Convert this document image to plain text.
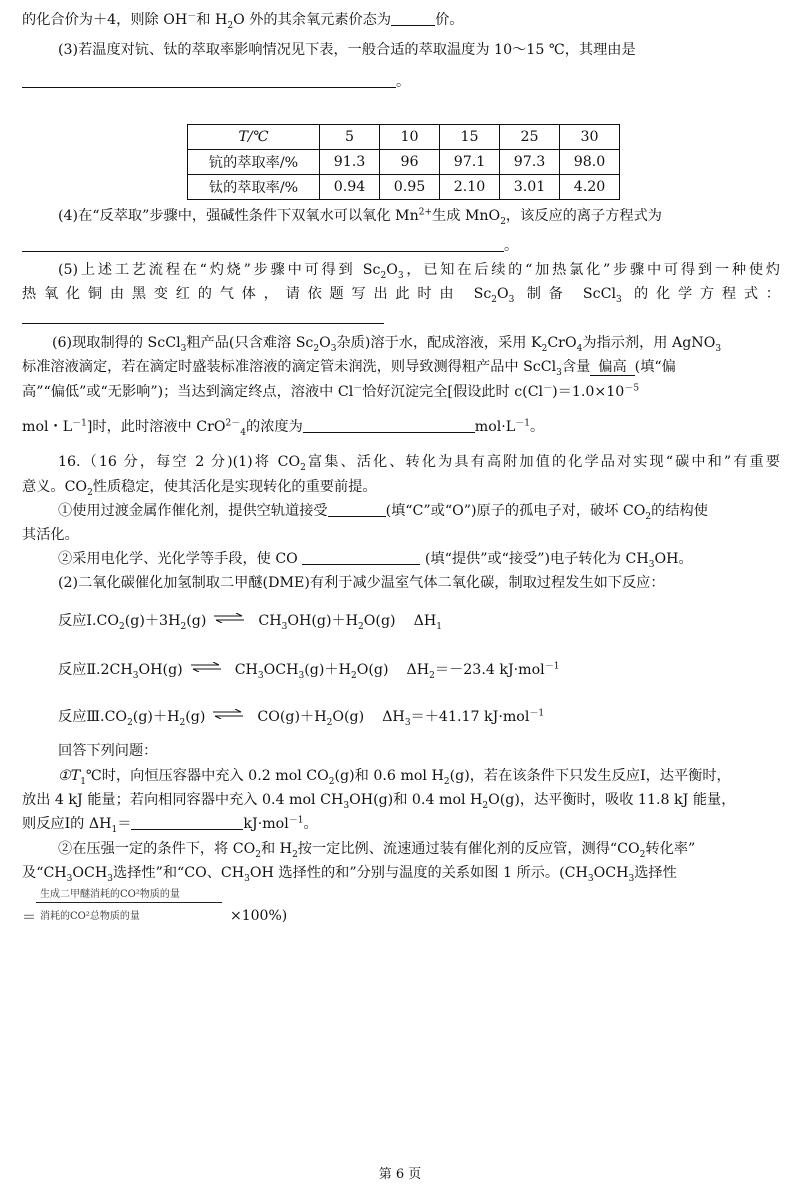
的化合价为＋4，则除 OH－和 $H_2O$ 外的其余氧元素价态为	价。
(3)若温度对钪、钛的萃取率影响情况见下表，一般合适的萃取温度为 10～15 ℃，其理由是
。
T/℃	5	10	15	25	30
钪的萃取率/%	91.3	96	97.1	97.3	98.0
钛的萃取率/%	0.94	0.95	2.10	3.01	4.20
(4)在“反萃取”步骤中，强碱性条件下双氧水可以氧化 $Mn^{2+}$生成 MnO$_2$，该反应的离子方程式为
。
(5)上述工艺流程在“灼烧”步骤中可得到 $Sc_2O_3$，已知在后续的“加热氯化”步骤中可得到一种使灼
热氧化铜由黑变红的气体，请依题写出此时由 $Sc_2O_3$ 制备 ScCl$_3$ 的化学方程式：
(6)现取制得的 ScCl$_3$粗产品(只含难溶 $Sc_2O_3$杂质)溶于水，配成溶液，采用 $K_2CrO_4$为指示剂，用 AgNO$_3$
标准溶液滴定，若在滴定时盛装标准溶液的滴定管未润洗，则导致测得粗产品中 ScCl$_3$含量 偏高 (填“偏
高”“偏低”或“无影响”)；当达到滴定终点，溶液中 Cl－恰好沉淀完全[假设此时 $c(Cl^-)=1.0\times 10^{-5}$
mol・$L^{-1}$]时，此时溶液中 CrO$^{2-}_4$的浓度为	$mol\cdot L^{-1}$。
16.（16 分，每空 2 分)(1)将 $CO_2$富集、活化、转化为具有高附加值的化学品对实现“碳中和”有重要
意义。$CO_2$性质稳定，使其活化是实现转化的重要前提。
①使用过渡金属作催化剂，提供空轨道接受	(填“C”或“O”)原子的孤电子对，破坏 $CO_2$的结构使
其活化。
②采用电化学、光化学等手段，使 CO	(填“提供”或“接受”)电子转化为 $CH_3OH$。
(2)二氧化碳催化加氢制取二甲醚(DME)有利于减少温室气体二氧化碳，制取过程发生如下反应：
反应$Ⅰ.CO_2(g)+3H_2(g)$ ⇌ $CH_3OH(g)+H_2O(g)$ $\Delta H_1$
反应$Ⅱ.2CH_3OH(g)$ ⇌ $CH_3OCH_3(g)+H_2O(g)$ $\Delta H_2=-23.4$ kJ·mol$^{-1}$
反应$Ⅲ.CO_2(g)+H_2(g)$ ⇌ $CO(g)+H_2O(g)$ $\Delta H_3=+41.17$ kJ·mol$^{-1}$
回答下列问题：
$①T_1℃$时，向恒压容器中充入 0.2 mol $CO_2(g)$和 0.6 mol $H_2(g)$，若在该条件下只发生反应Ⅰ，达平衡时，
放出 4 kJ 能量；若向相同容器中充入 0.4 mol $CH_3OH(g)$和 0.4 mol $H_2O(g)$，达平衡时，吸收 11.8 kJ 能量，
则反应Ⅰ的 $\Delta H_1=$	kJ·mol$^{-1}$。
②在压强一定的条件下，将 $CO_2$和 $H_2$按一定比例、流速通过装有催化剂的反应管，测得“$CO_2$转化率”
及“$CH_3OCH_3$选择性”和“CO、$CH_3OH$ 选择性的和”分别与温度的关系如图 1 所示。($CH_3OCH_3$选择性
生成二甲醚消耗的CO²物质的量
消耗的CO²总物质的量
＝	×100%)
第 6 页
